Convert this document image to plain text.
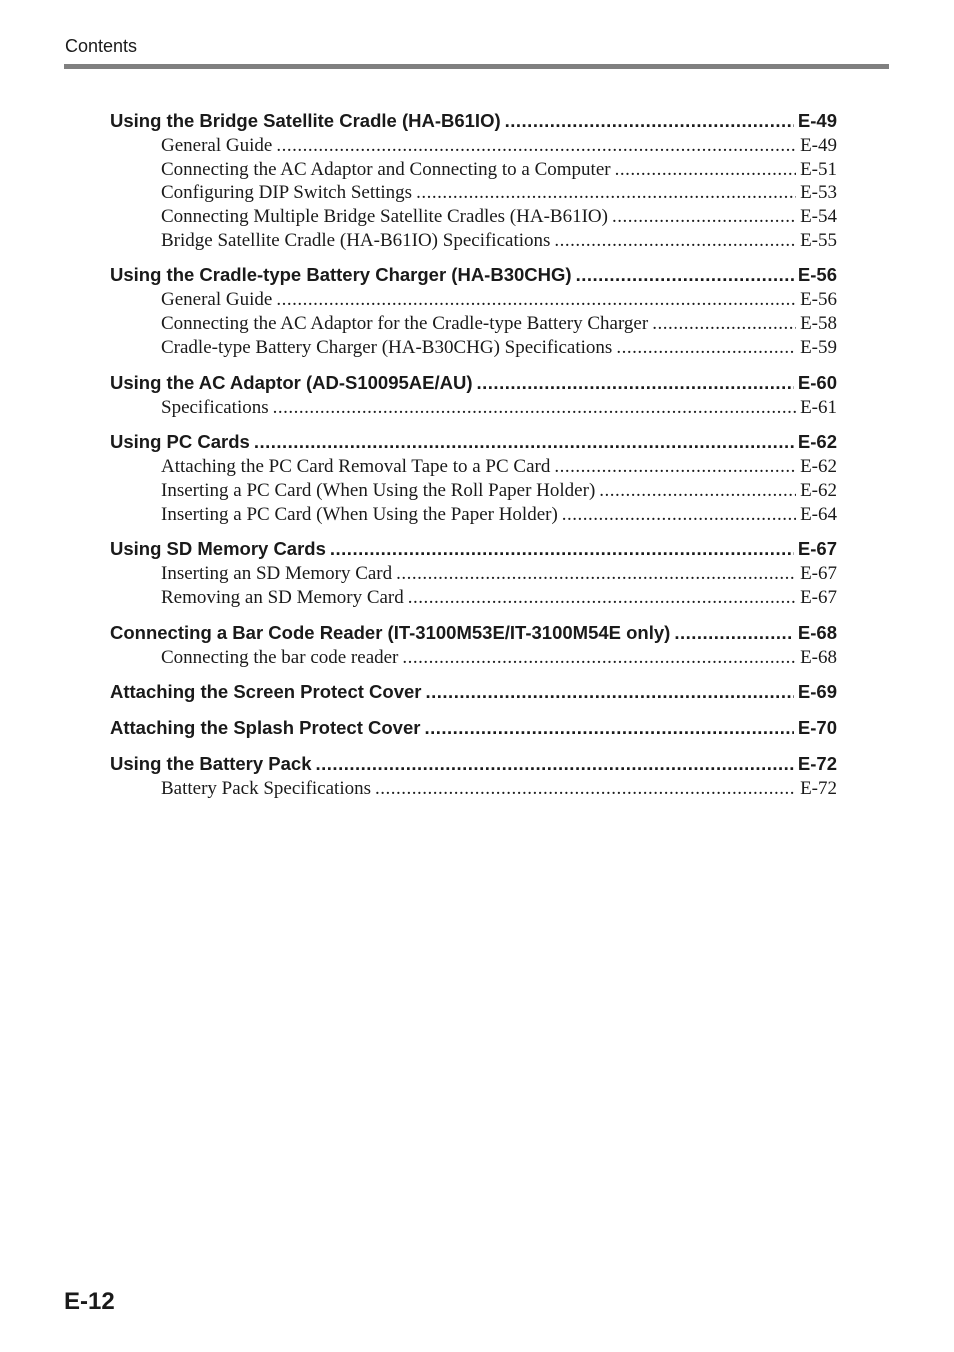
Contents
Using the Bridge Satellite Cradle (HA-B61IO) .....	E-49
General Guide .....	E-49
Connecting the AC Adaptor and Connecting to a Computer .....	E-51
Configuring DIP Switch Settings .....	E-53
Connecting Multiple Bridge Satellite Cradles (HA-B61IO) .....	E-54
Bridge Satellite Cradle (HA-B61IO) Specifications .....	E-55
Using the Cradle-type Battery Charger (HA-B30CHG) .....	E-56
General Guide .....	E-56
Connecting the AC Adaptor for the Cradle-type Battery Charger .....	E-58
Cradle-type Battery Charger (HA-B30CHG) Specifications .....	E-59
Using the AC Adaptor (AD-S10095AE/AU) .....	E-60
Specifications .....	E-61
Using PC Cards .....	E-62
Attaching the PC Card Removal Tape to a PC Card .....	E-62
Inserting a PC Card (When Using the Roll Paper Holder) .....	E-62
Inserting a PC Card (When Using the Paper Holder) .....	E-64
Using SD Memory Cards .....	E-67
Inserting an SD Memory Card .....	E-67
Removing an SD Memory Card .....	E-67
Connecting a Bar Code Reader (IT-3100M53E/IT-3100M54E only) .....	E-68
Connecting the bar code reader .....	E-68
Attaching the Screen Protect Cover .....	E-69
Attaching the Splash Protect Cover .....	E-70
Using the Battery Pack .....	E-72
Battery Pack Specifications .....	E-72
E-12
